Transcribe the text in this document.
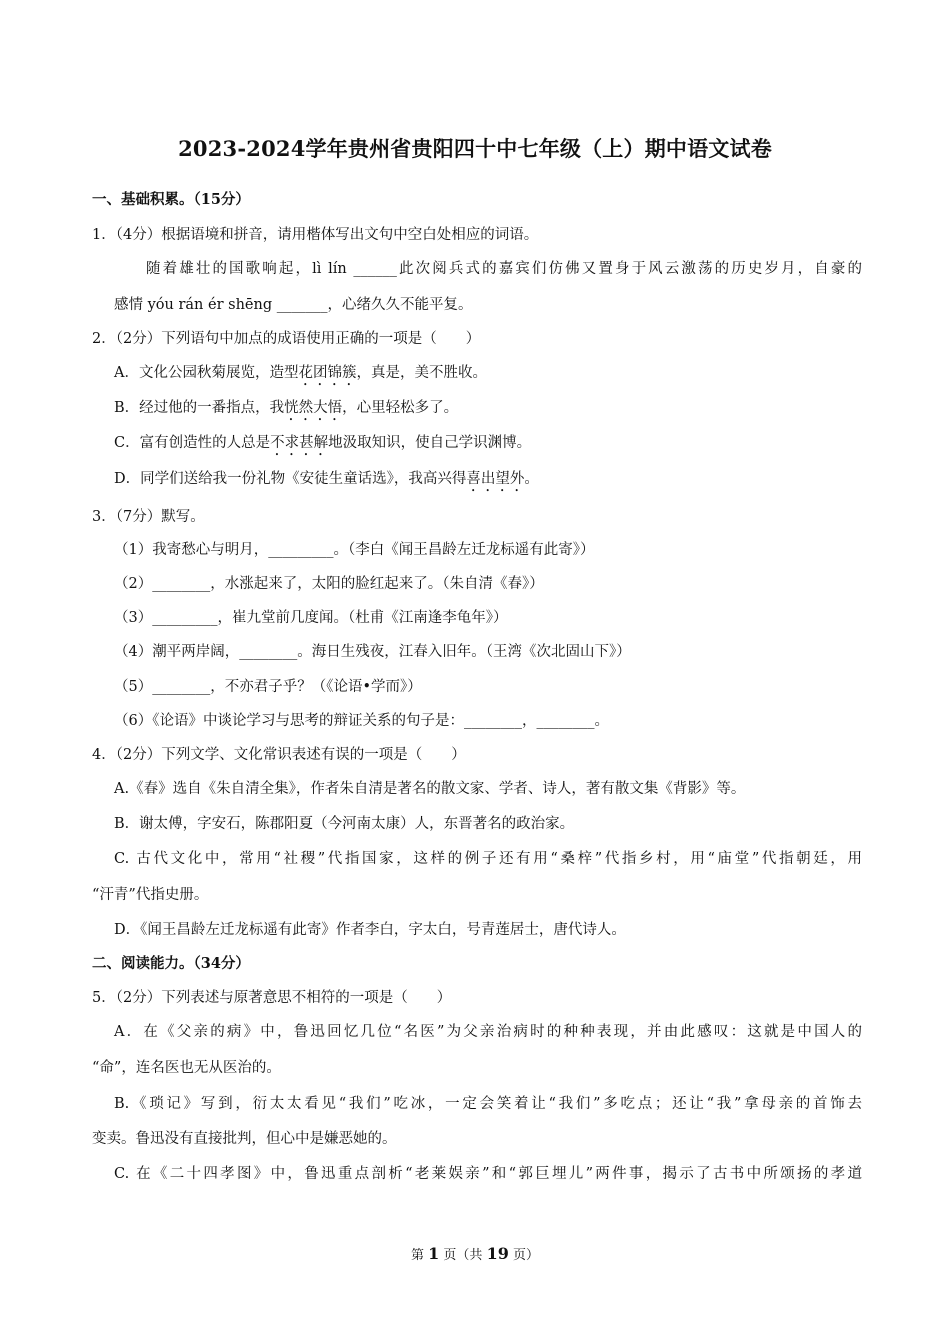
2023-2024学年贵州省贵阳四十中七年级（上）期中语文试卷
一、基础积累。（15分）
1．（4分）根据语境和拼音，请用楷体写出文句中空白处相应的词语。
随着雄壮的国歌响起，lì lín ______此次阅兵式的嘉宾们仿佛又置身于风云激荡的历史岁月，自豪的
感情 yóu rán ér shēng _______，心绪久久不能平复。
2．（2分）下列语句中加点的成语使用正确的一项是（　　）
A．文化公园秋菊展览，造型花团锦簇，真是，美不胜收。
B．经过他的一番指点，我恍然大悟，心里轻松多了。
C．富有创造性的人总是不求甚解地汲取知识，使自己学识渊博。
D．同学们送给我一份礼物《安徒生童话选》，我高兴得喜出望外。
3．（7分）默写。
（1）我寄愁心与明月，_________。（李白《闻王昌龄左迁龙标遥有此寄》）
（2）________，水涨起来了，太阳的脸红起来了。（朱自清《春》）
（3）_________，崔九堂前几度闻。（杜甫《江南逢李龟年》）
（4）潮平两岸阔，________。海日生残夜，江春入旧年。（王湾《次北固山下》）
（5）________，不亦君子乎？（《论语•学而》）
（6）《论语》中谈论学习与思考的辩证关系的句子是：________，________。
4．（2分）下列文学、文化常识表述有误的一项是（　　）
A.《春》选自《朱自清全集》，作者朱自清是著名的散文家、学者、诗人，著有散文集《背影》等。
B．谢太傅，字安石，陈郡阳夏（今河南太康）人，东晋著名的政治家。
C. 古代文化中，常用“社稷”代指国家，这样的例子还有用“桑梓”代指乡村，用“庙堂”代指朝廷，用
“汗青”代指史册。
D．《闻王昌龄左迁龙标遥有此寄》作者李白，字太白，号青莲居士，唐代诗人。
二、阅读能力。（34分）
5．（2分）下列表述与原著意思不相符的一项是（　　）
A．在《父亲的病》中，鲁迅回忆几位“名医”为父亲治病时的种种表现，并由此感叹：这就是中国人的
“命”，连名医也无从医治的。
B.《琐记》写到，衍太太看见“我们”吃冰，一定会笑着让“我们”多吃点；还让“我”拿母亲的首饰去
变卖。鲁迅没有直接批判，但心中是嫌恶她的。
C. 在《二十四孝图》中，鲁迅重点剖析“老莱娱亲”和“郭巨埋儿”两件事，揭示了古书中所颂扬的孝道
第 1 页（共 19 页）
